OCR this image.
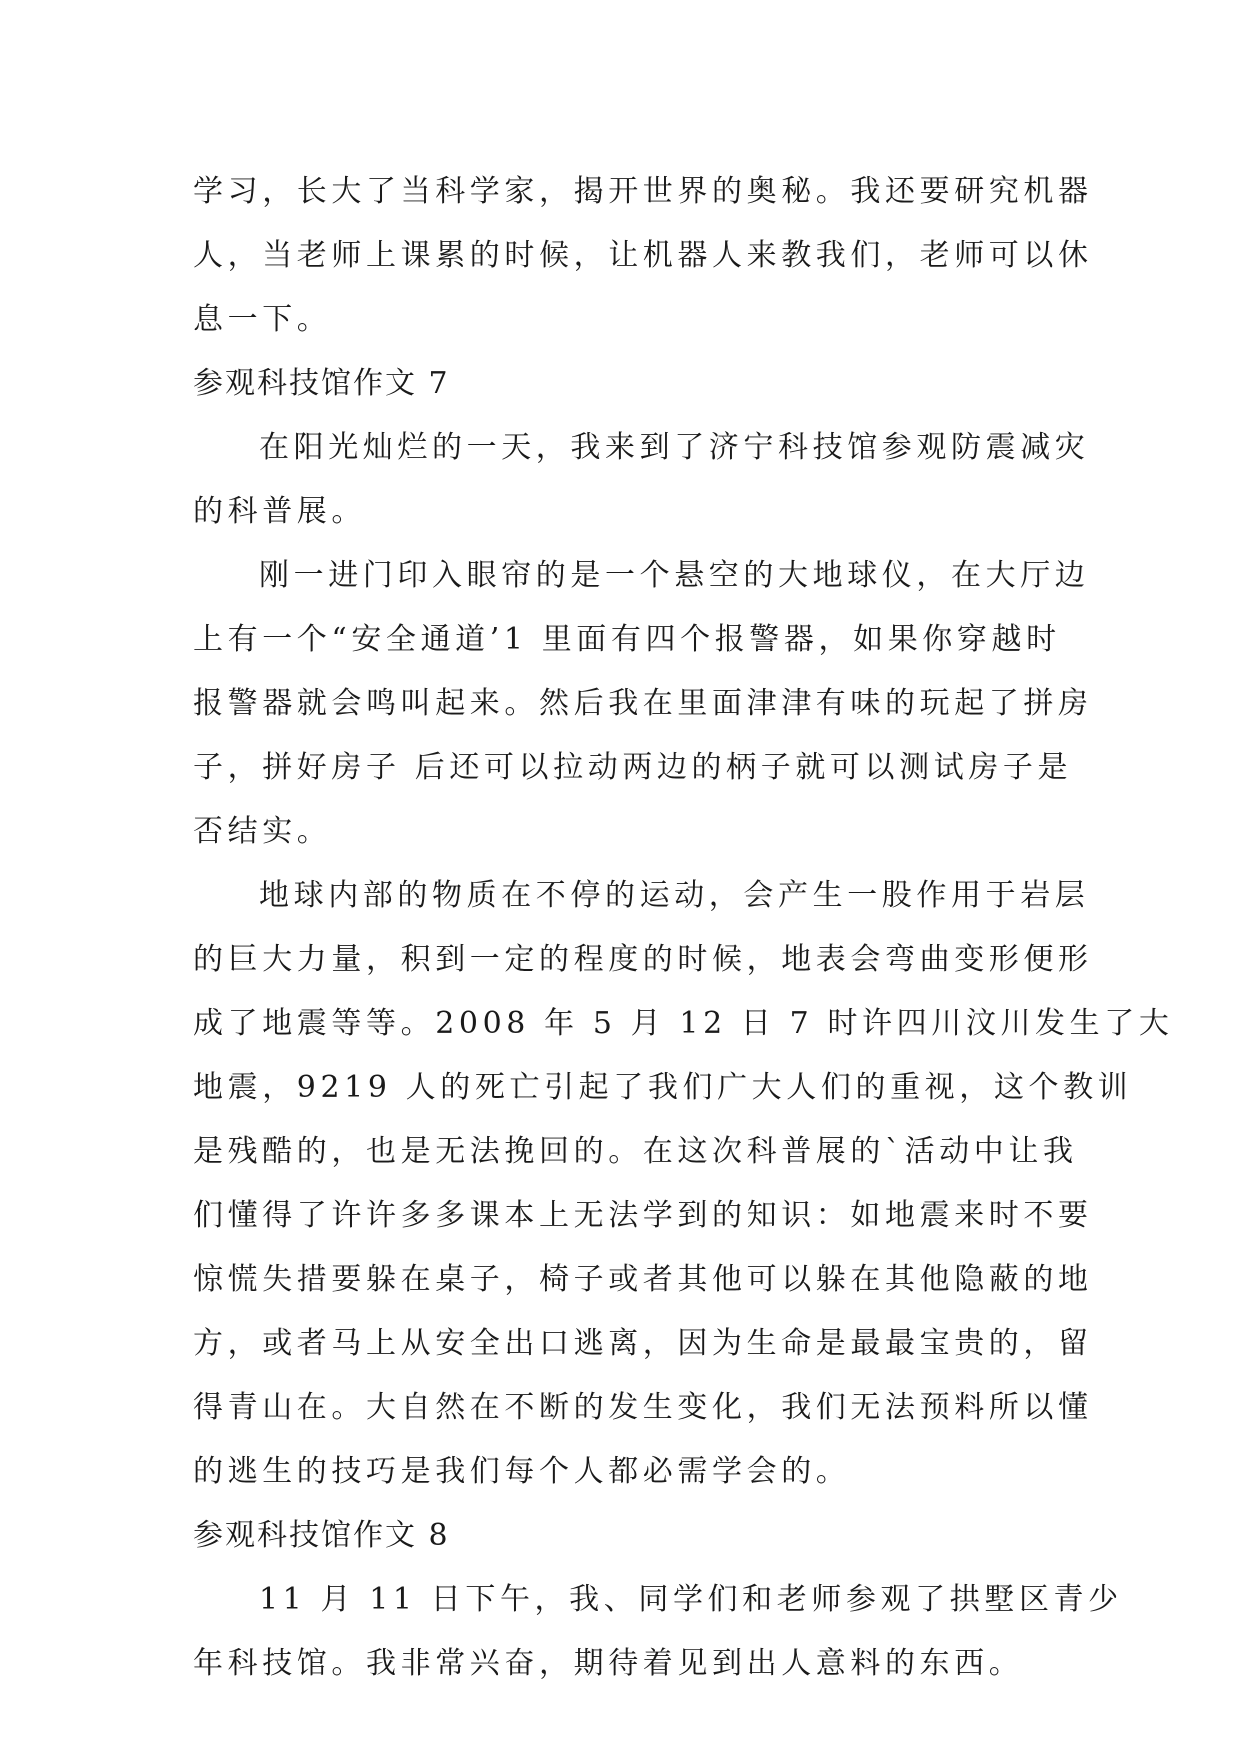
学习，长大了当科学家，揭开世界的奥秘。我还要研究机器
人，当老师上课累的时候，让机器人来教我们，老师可以休
息一下。
参观科技馆作文 7
在阳光灿烂的一天，我来到了济宁科技馆参观防震减灾
的科普展。
刚一进门印入眼帘的是一个悬空的大地球仪，在大厅边
上有一个“安全通道’1 里面有四个报警器，如果你穿越时
报警器就会鸣叫起来。然后我在里面津津有味的玩起了拼房
子，拼好房子 后还可以拉动两边的柄子就可以测试房子是
否结实。
地球内部的物质在不停的运动，会产生一股作用于岩层
的巨大力量，积到一定的程度的时候，地表会弯曲变形便形
成了地震等等。2008 年 5 月 12 日 7 时许四川汶川发生了大
地震，9219 人的死亡引起了我们广大人们的重视，这个教训
是残酷的，也是无法挽回的。在这次科普展的`活动中让我
们懂得了许许多多课本上无法学到的知识：如地震来时不要
惊慌失措要躲在桌子，椅子或者其他可以躲在其他隐蔽的地
方，或者马上从安全出口逃离，因为生命是最最宝贵的，留
得青山在。大自然在不断的发生变化，我们无法预料所以懂
的逃生的技巧是我们每个人都必需学会的。
参观科技馆作文 8
11 月 11 日下午，我、同学们和老师参观了拱墅区青少
年科技馆。我非常兴奋，期待着见到出人意料的东西。
